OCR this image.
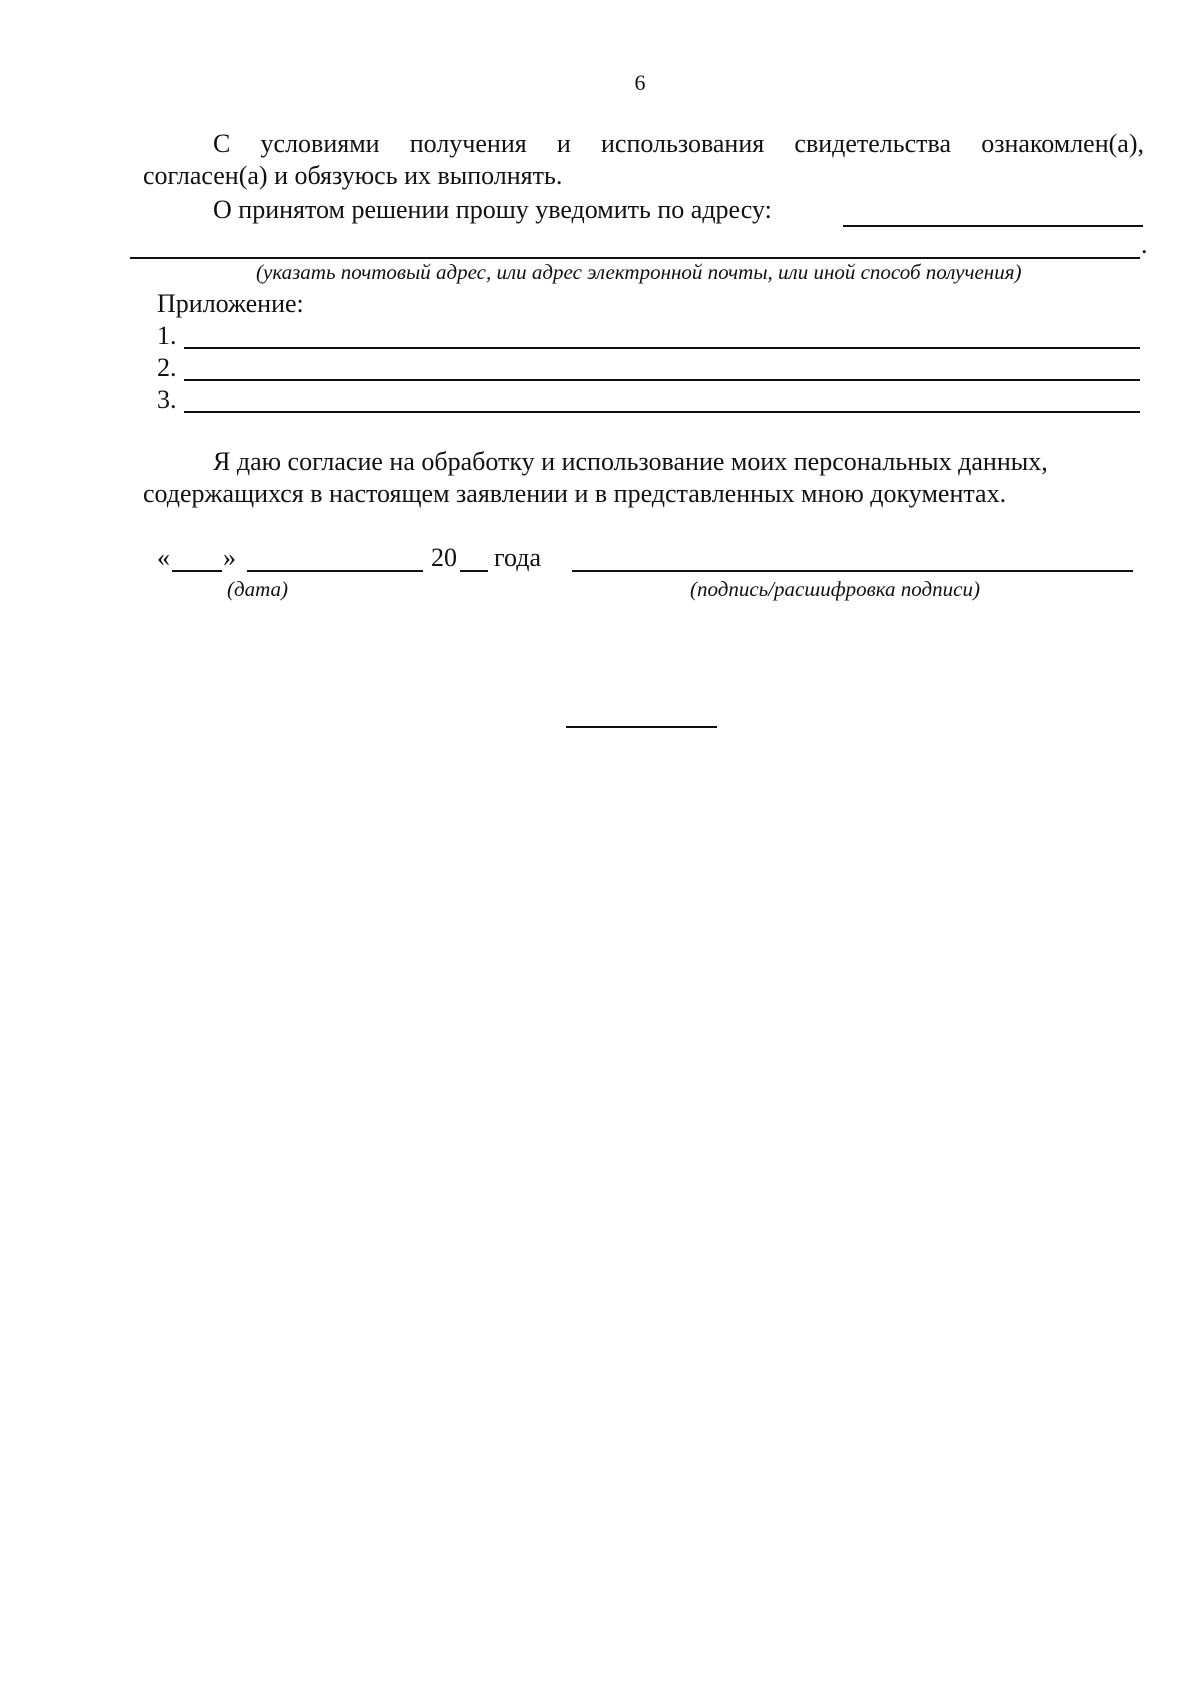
6
С условиями получения и использования свидетельства ознакомлен(а),
согласен(а) и обязуюсь их выполнять.
О принятом решении прошу уведомить по адресу:
.
(указать почтовый адрес, или адрес электронной почты, или иной способ получения)
Приложение:
1.
2.
3.
Я даю согласие на обработку и использование моих персональных данных,
содержащихся в настоящем заявлении и в представленных мною документах.
« »	20 года
(дата)	(подпись/расшифровка подписи)
